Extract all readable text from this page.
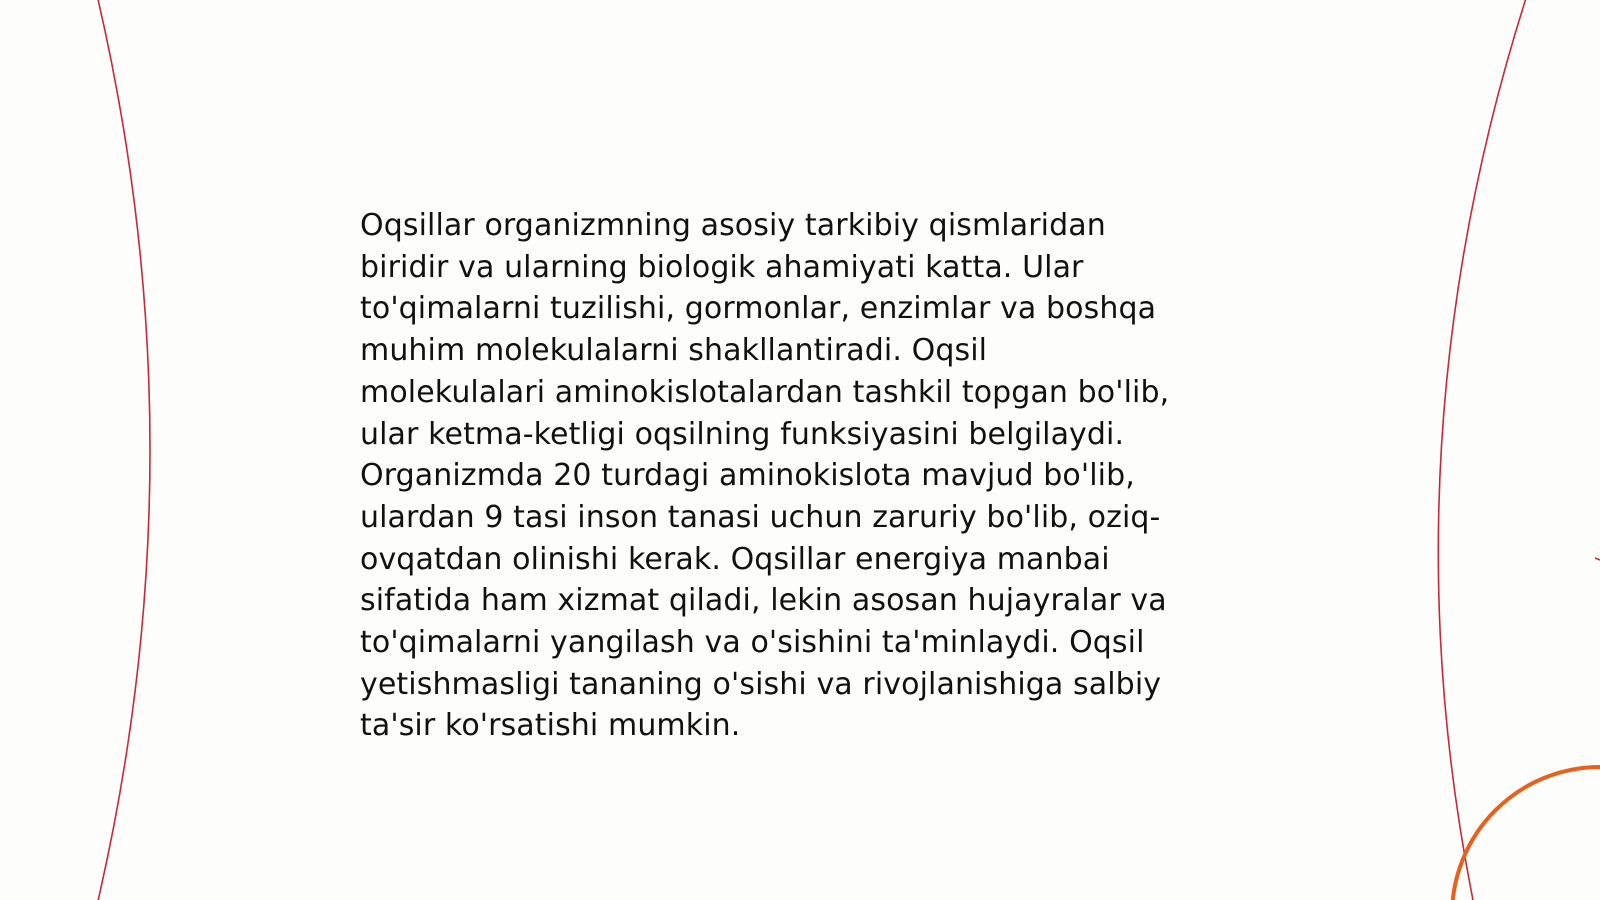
Oqsillar organizmning asosiy tarkibiy qismlaridan
biridir va ularning biologik ahamiyati katta. Ular
to'qimalarni tuzilishi, gormonlar, enzimlar va boshqa
muhim molekulalarni shakllantiradi. Oqsil
molekulalari aminokislotalardan tashkil topgan bo'lib,
ular ketma-ketligi oqsilning funksiyasini belgilaydi.
Organizmda 20 turdagi aminokislota mavjud bo'lib,
ulardan 9 tasi inson tanasi uchun zaruriy bo'lib, oziq-
ovqatdan olinishi kerak. Oqsillar energiya manbai
sifatida ham xizmat qiladi, lekin asosan hujayralar va
to'qimalarni yangilash va o'sishini ta'minlaydi. Oqsil
yetishmasligi tananing o'sishi va rivojlanishiga salbiy
ta'sir ko'rsatishi mumkin.
